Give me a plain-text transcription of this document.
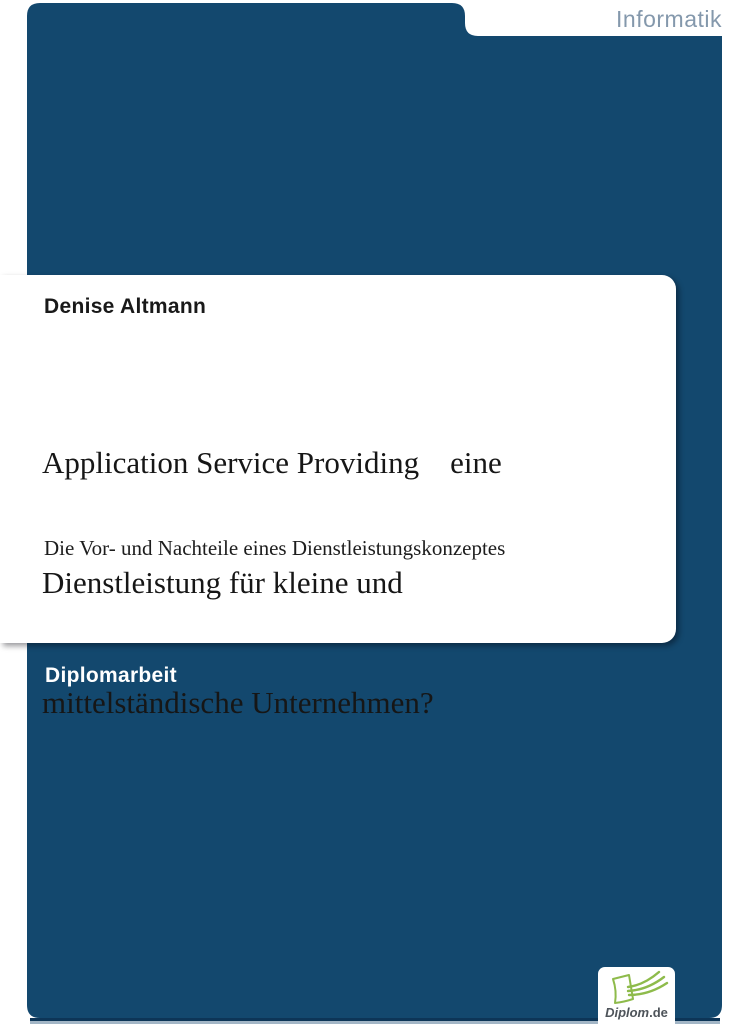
Informatik
Denise Altmann

Application Service Providing    eine

Dienstleistung für kleine und

mittelständische Unternehmen?

Die Vor- und Nachteile eines Dienstleistungskonzeptes
Diplomarbeit
Diplom.de
